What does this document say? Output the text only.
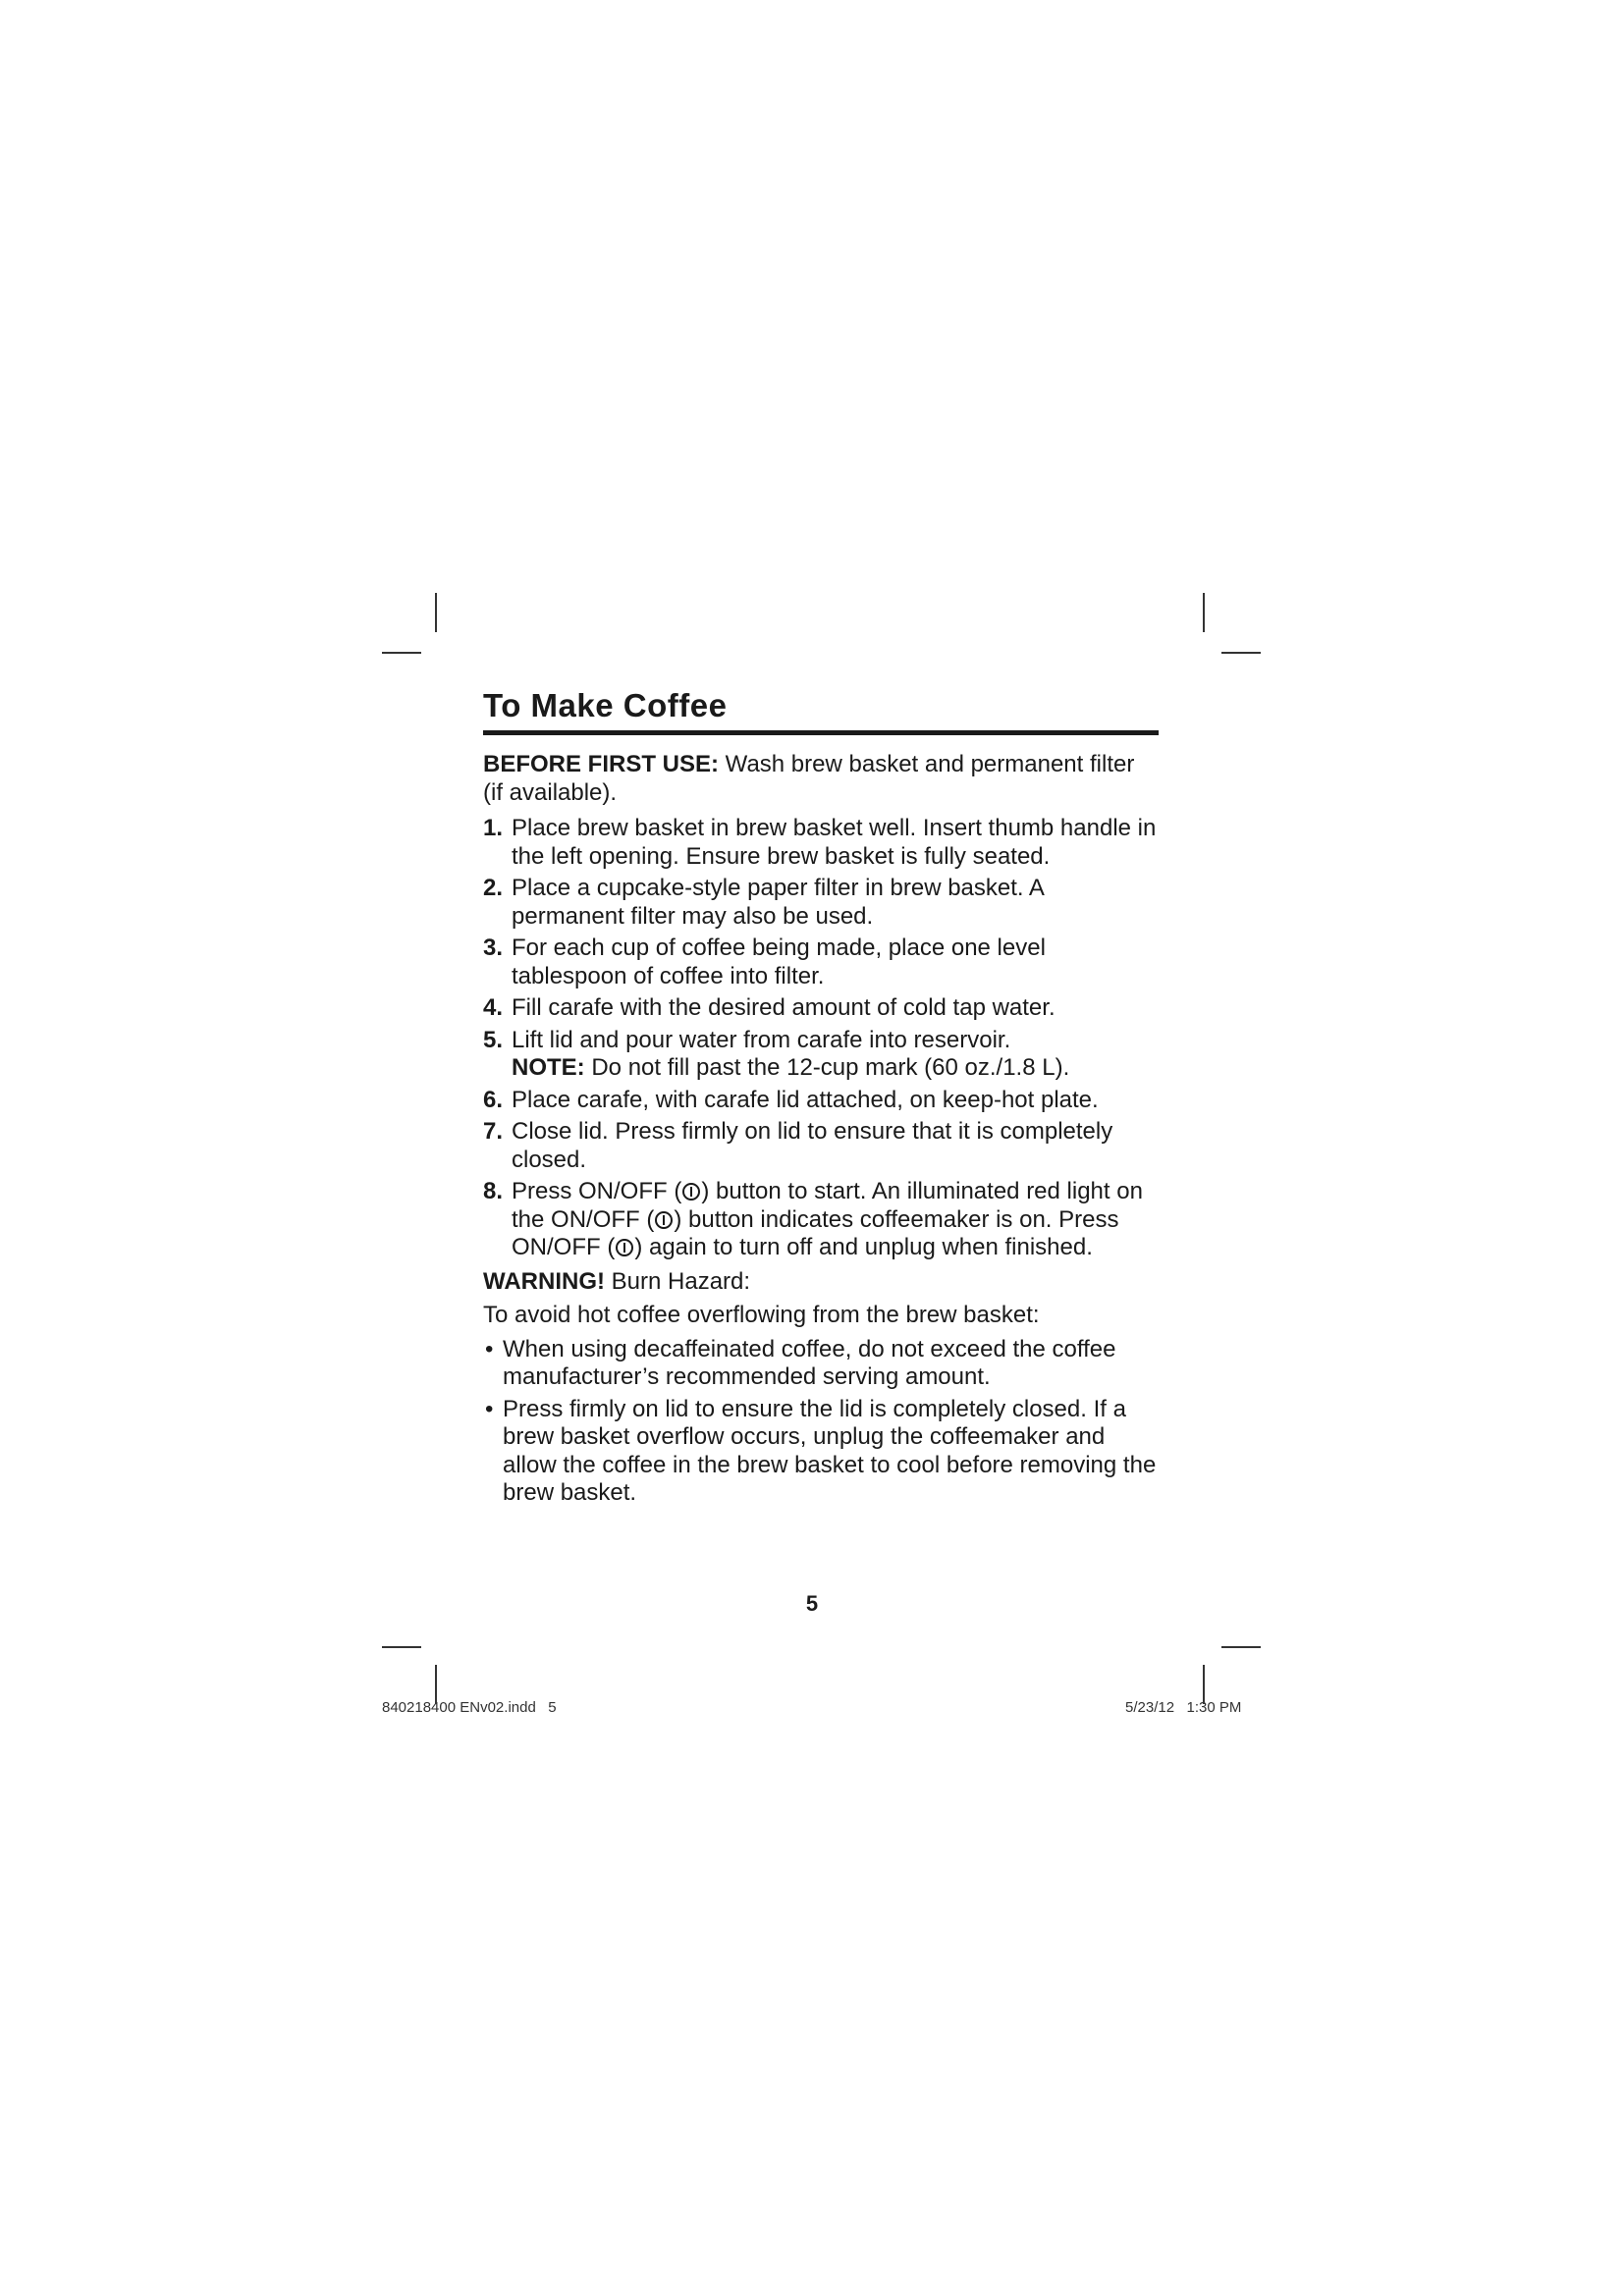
To Make Coffee

BEFORE FIRST USE: Wash brew basket and permanent filter (if available).

1. Place brew basket in brew basket well. Insert thumb handle in the left opening. Ensure brew basket is fully seated.
2. Place a cupcake-style paper filter in brew basket. A permanent filter may also be used.
3. For each cup of coffee being made, place one level tablespoon of coffee into filter.
4. Fill carafe with the desired amount of cold tap water.
5. Lift lid and pour water from carafe into reservoir.
NOTE: Do not fill past the 12-cup mark (60 oz./1.8 L).
6. Place carafe, with carafe lid attached, on keep-hot plate.
7. Close lid. Press firmly on lid to ensure that it is completely closed.
8. Press ON/OFF ( ) button to start. An illuminated red light on the ON/OFF ( ) button indicates coffeemaker is on. Press ON/OFF ( ) again to turn off and unplug when finished.

WARNING! Burn Hazard:

To avoid hot coffee overflowing from the brew basket:

• When using decaffeinated coffee, do not exceed the coffee manufacturer’s recommended serving amount.
• Press firmly on lid to ensure the lid is completely closed. If a brew basket overflow occurs, unplug the coffeemaker and allow the coffee in the brew basket to cool before removing the brew basket.
5
840218400 ENv02.indd   5	5/23/12   1:30 PM
